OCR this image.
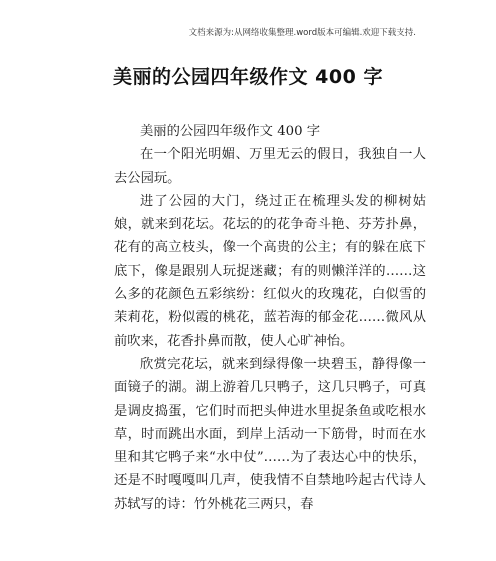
文档来源为:从网络收集整理.word版本可编辑.欢迎下载支持.
美丽的公园四年级作文 400 字

美丽的公园四年级作文 400 字

在一个阳光明媚、万里无云的假日，我独自一人去公园玩。

进了公园的大门，绕过正在梳理头发的柳树姑娘，就来到花坛。花坛的的花争奇斗艳、芬芳扑鼻，花有的高立枝头，像一个高贵的公主；有的躲在底下底下，像是跟别人玩捉迷藏；有的则懒洋洋的……这么多的花颜色五彩缤纷：红似火的玫瑰花，白似雪的茉莉花，粉似霞的桃花，蓝若海的郁金花……微风从前吹来，花香扑鼻而散，使人心旷神怡。

欣赏完花坛，就来到绿得像一块碧玉，静得像一面镜子的湖。湖上游着几只鸭子，这几只鸭子，可真是调皮捣蛋，它们时而把头伸进水里捉条鱼或吃根水草，时而跳出水面，到岸上活动一下筋骨，时而在水里和其它鸭子来“水中仗”……为了表达心中的快乐，还是不时嘎嘎叫几声，使我情不自禁地吟起古代诗人苏轼写的诗：竹外桃花三两只，春
